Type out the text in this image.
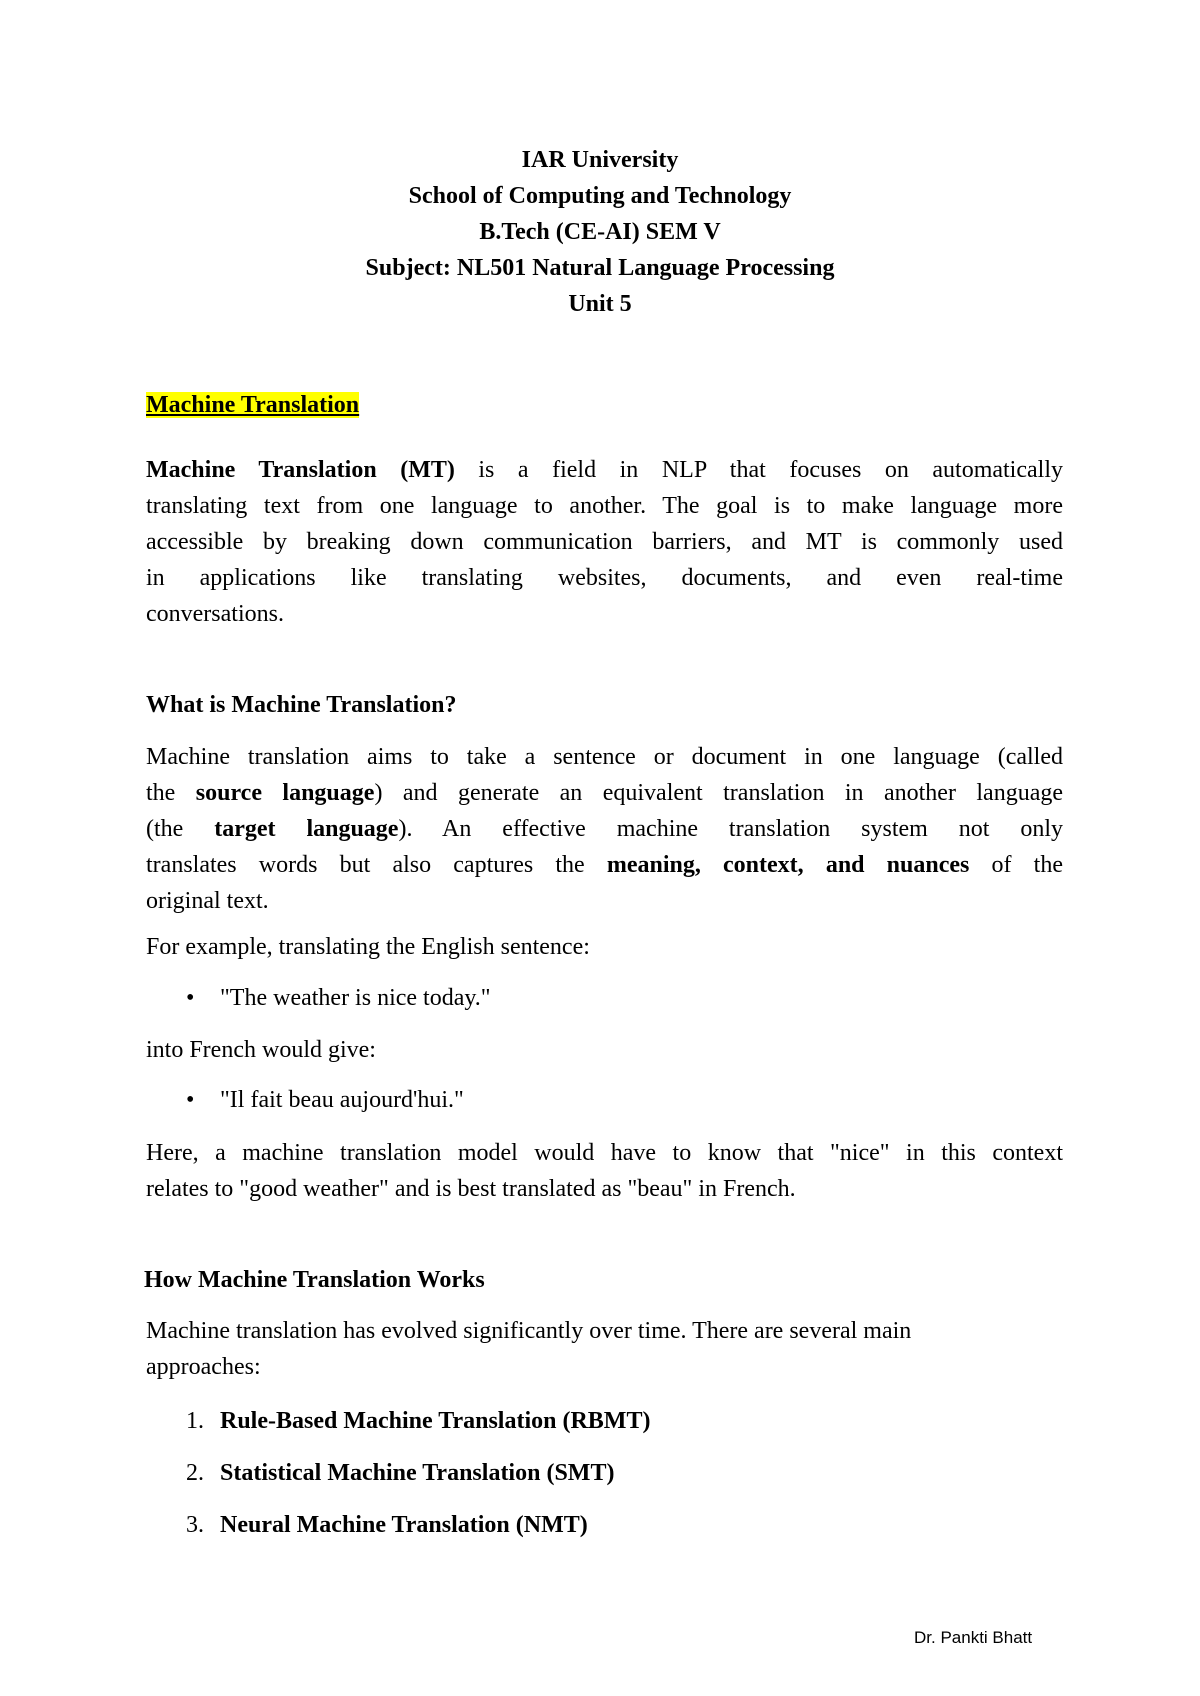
IAR University
School of Computing and Technology
B.Tech (CE-AI) SEM V
Subject: NL501 Natural Language Processing
Unit 5
Machine Translation
Machine Translation (MT) is a field in NLP that focuses on automatically
translating text from one language to another. The goal is to make language more
accessible by breaking down communication barriers, and MT is commonly used
in applications like translating websites, documents, and even real-time
conversations.
What is Machine Translation?
Machine translation aims to take a sentence or document in one language (called
the source language) and generate an equivalent translation in another language
(the target language). An effective machine translation system not only
translates words but also captures the meaning, context, and nuances of the
original text.
For example, translating the English sentence:
• "The weather is nice today."
into French would give:
• "Il fait beau aujourd'hui."
Here, a machine translation model would have to know that "nice" in this context
relates to "good weather" and is best translated as "beau" in French.
How Machine Translation Works
Machine translation has evolved significantly over time. There are several main
approaches:
1. Rule-Based Machine Translation (RBMT)
2. Statistical Machine Translation (SMT)
3. Neural Machine Translation (NMT)
Dr. Pankti Bhatt
